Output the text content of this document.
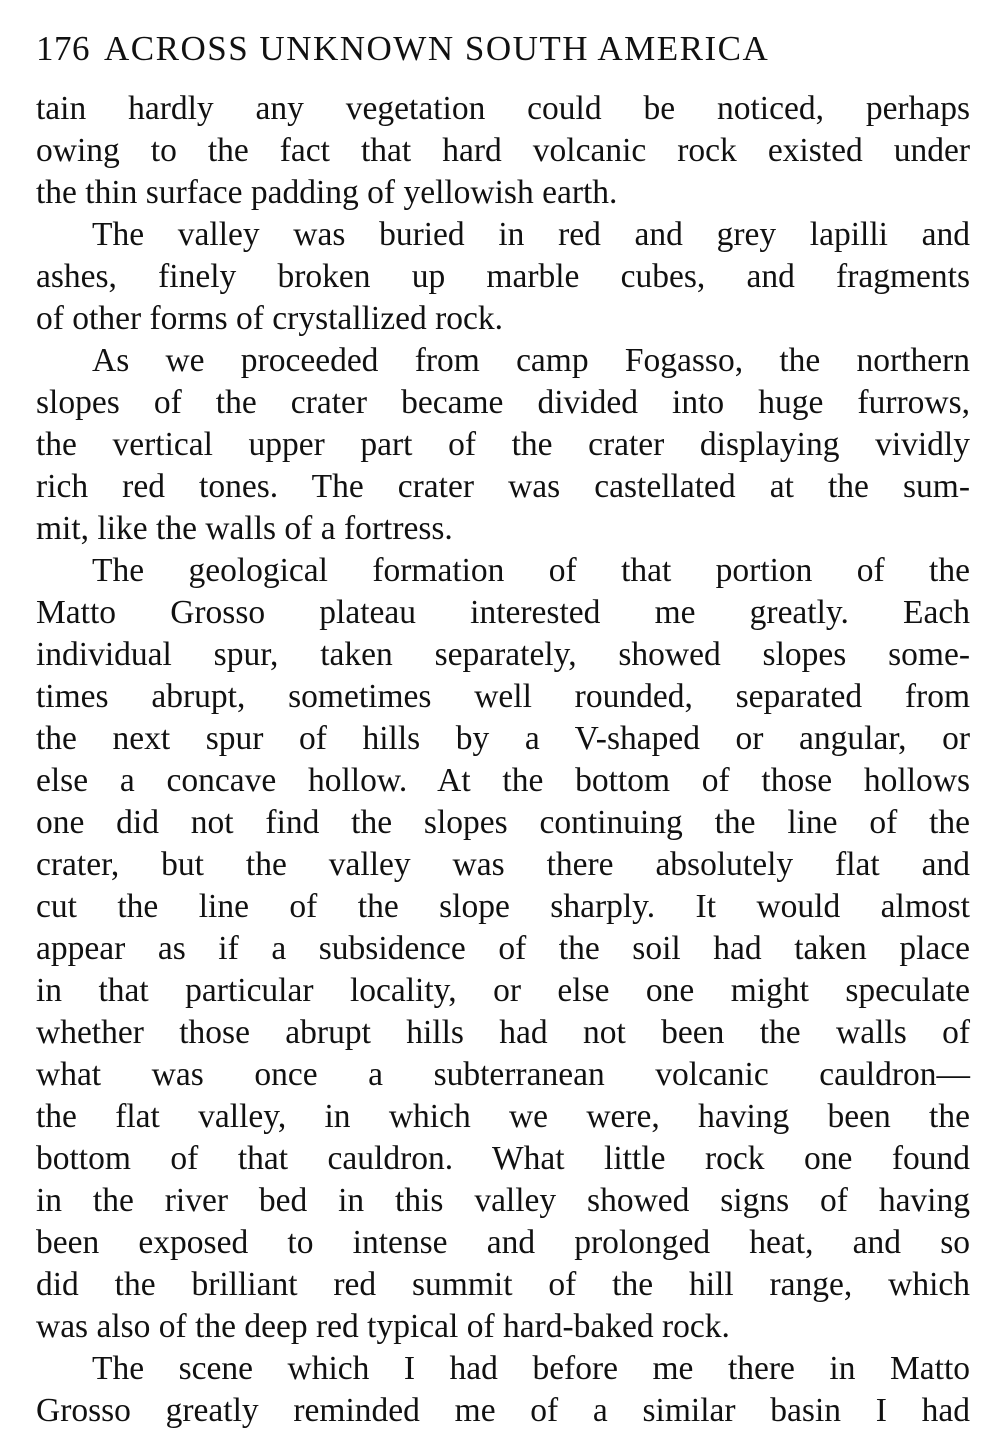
176 ACROSS UNKNOWN SOUTH AMERICA
tain hardly any vegetation could be noticed, perhaps
owing to the fact that hard volcanic rock existed under
the thin surface padding of yellowish earth.
The valley was buried in red and grey lapilli and
ashes, finely broken up marble cubes, and fragments
of other forms of crystallized rock.
As we proceeded from camp Fogasso, the northern
slopes of the crater became divided into huge furrows,
the vertical upper part of the crater displaying vividly
rich red tones. The crater was castellated at the sum-
mit, like the walls of a fortress.
The geological formation of that portion of the
Matto Grosso plateau interested me greatly. Each
individual spur, taken separately, showed slopes some-
times abrupt, sometimes well rounded, separated from
the next spur of hills by a V-shaped or angular, or
else a concave hollow. At the bottom of those hollows
one did not find the slopes continuing the line of the
crater, but the valley was there absolutely flat and
cut the line of the slope sharply. It would almost
appear as if a subsidence of the soil had taken place
in that particular locality, or else one might speculate
whether those abrupt hills had not been the walls of
what was once a subterranean volcanic cauldron—
the flat valley, in which we were, having been the
bottom of that cauldron. What little rock one found
in the river bed in this valley showed signs of having
been exposed to intense and prolonged heat, and so
did the brilliant red summit of the hill range, which
was also of the deep red typical of hard-baked rock.
The scene which I had before me there in Matto
Grosso greatly reminded me of a similar basin I had
